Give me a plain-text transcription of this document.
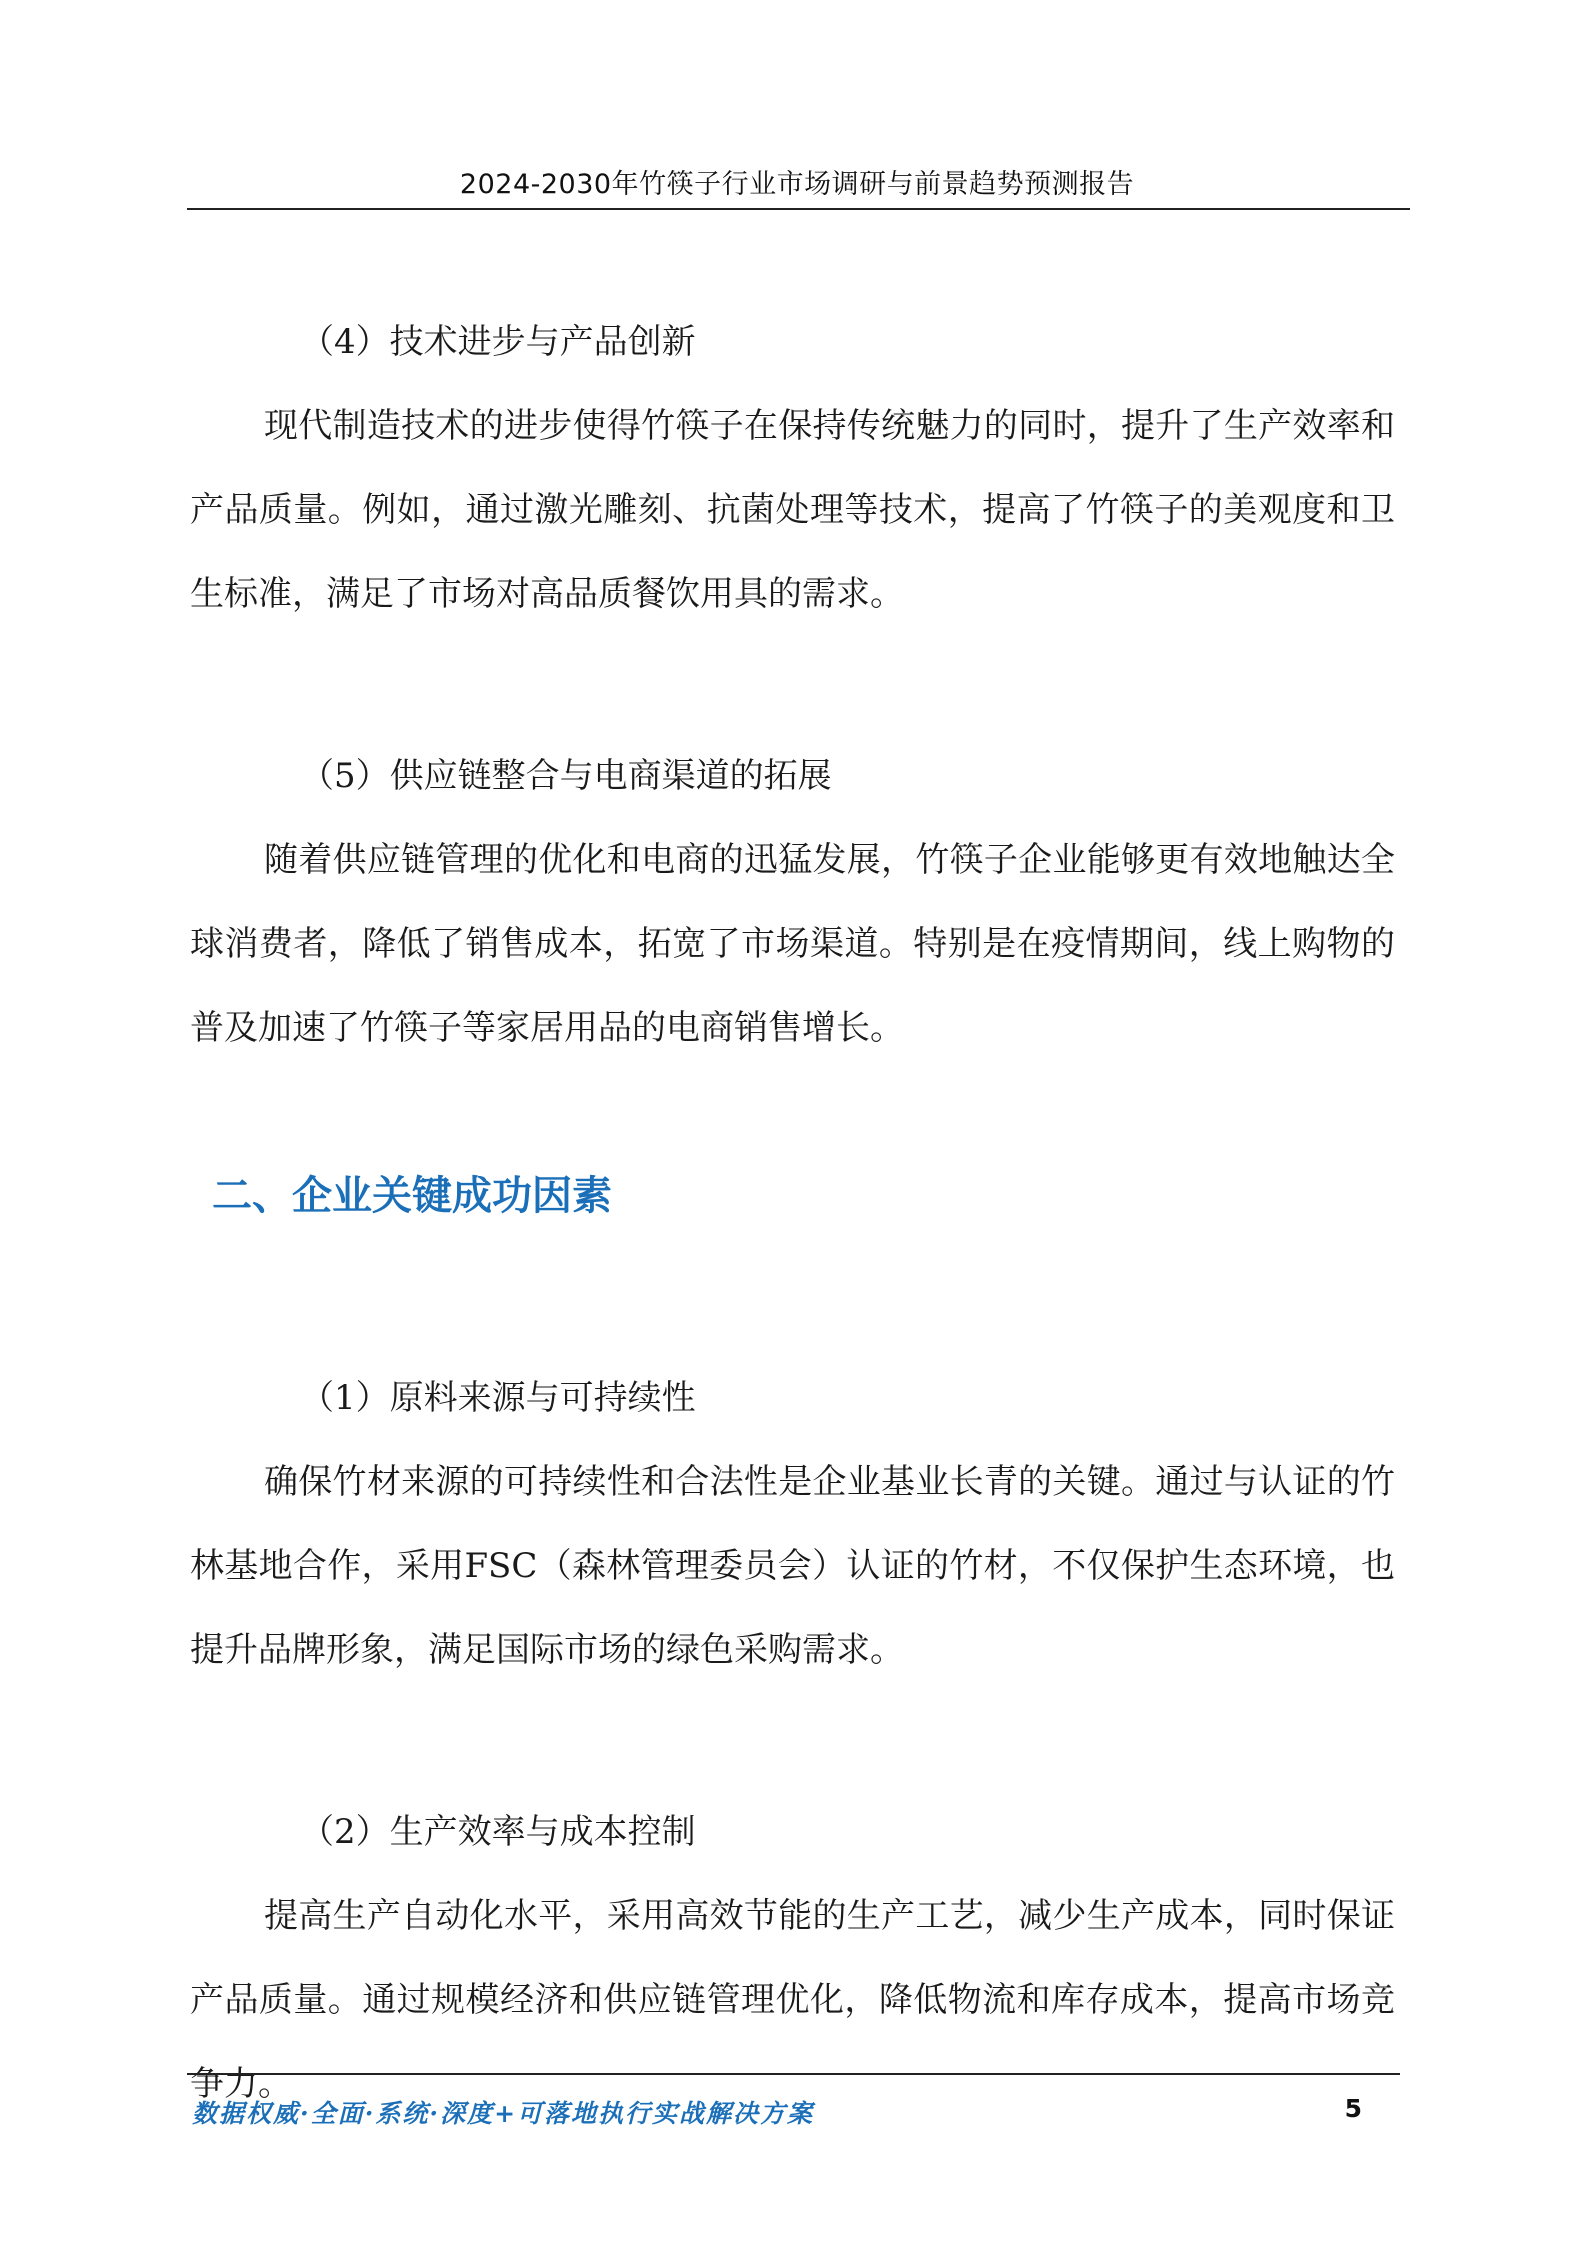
2024-2030年竹筷子行业市场调研与前景趋势预测报告

（4）技术进步与产品创新

现代制造技术的进步使得竹筷子在保持传统魅力的同时，提升了生产效率和产品质量。例如，通过激光雕刻、抗菌处理等技术，提高了竹筷子的美观度和卫生标准，满足了市场对高品质餐饮用具的需求。

（5）供应链整合与电商渠道的拓展

随着供应链管理的优化和电商的迅猛发展，竹筷子企业能够更有效地触达全球消费者，降低了销售成本，拓宽了市场渠道。特别是在疫情期间，线上购物的普及加速了竹筷子等家居用品的电商销售增长。

二、企业关键成功因素

（1）原料来源与可持续性

确保竹材来源的可持续性和合法性是企业基业长青的关键。通过与认证的竹林基地合作，采用FSC（森林管理委员会）认证的竹材，不仅保护生态环境，也提升品牌形象，满足国际市场的绿色采购需求。

（2）生产效率与成本控制

提高生产自动化水平，采用高效节能的生产工艺，减少生产成本，同时保证产品质量。通过规模经济和供应链管理优化，降低物流和库存成本，提高市场竞争力。

数据权威·全面·系统·深度+可落地执行实战解决方案	5
